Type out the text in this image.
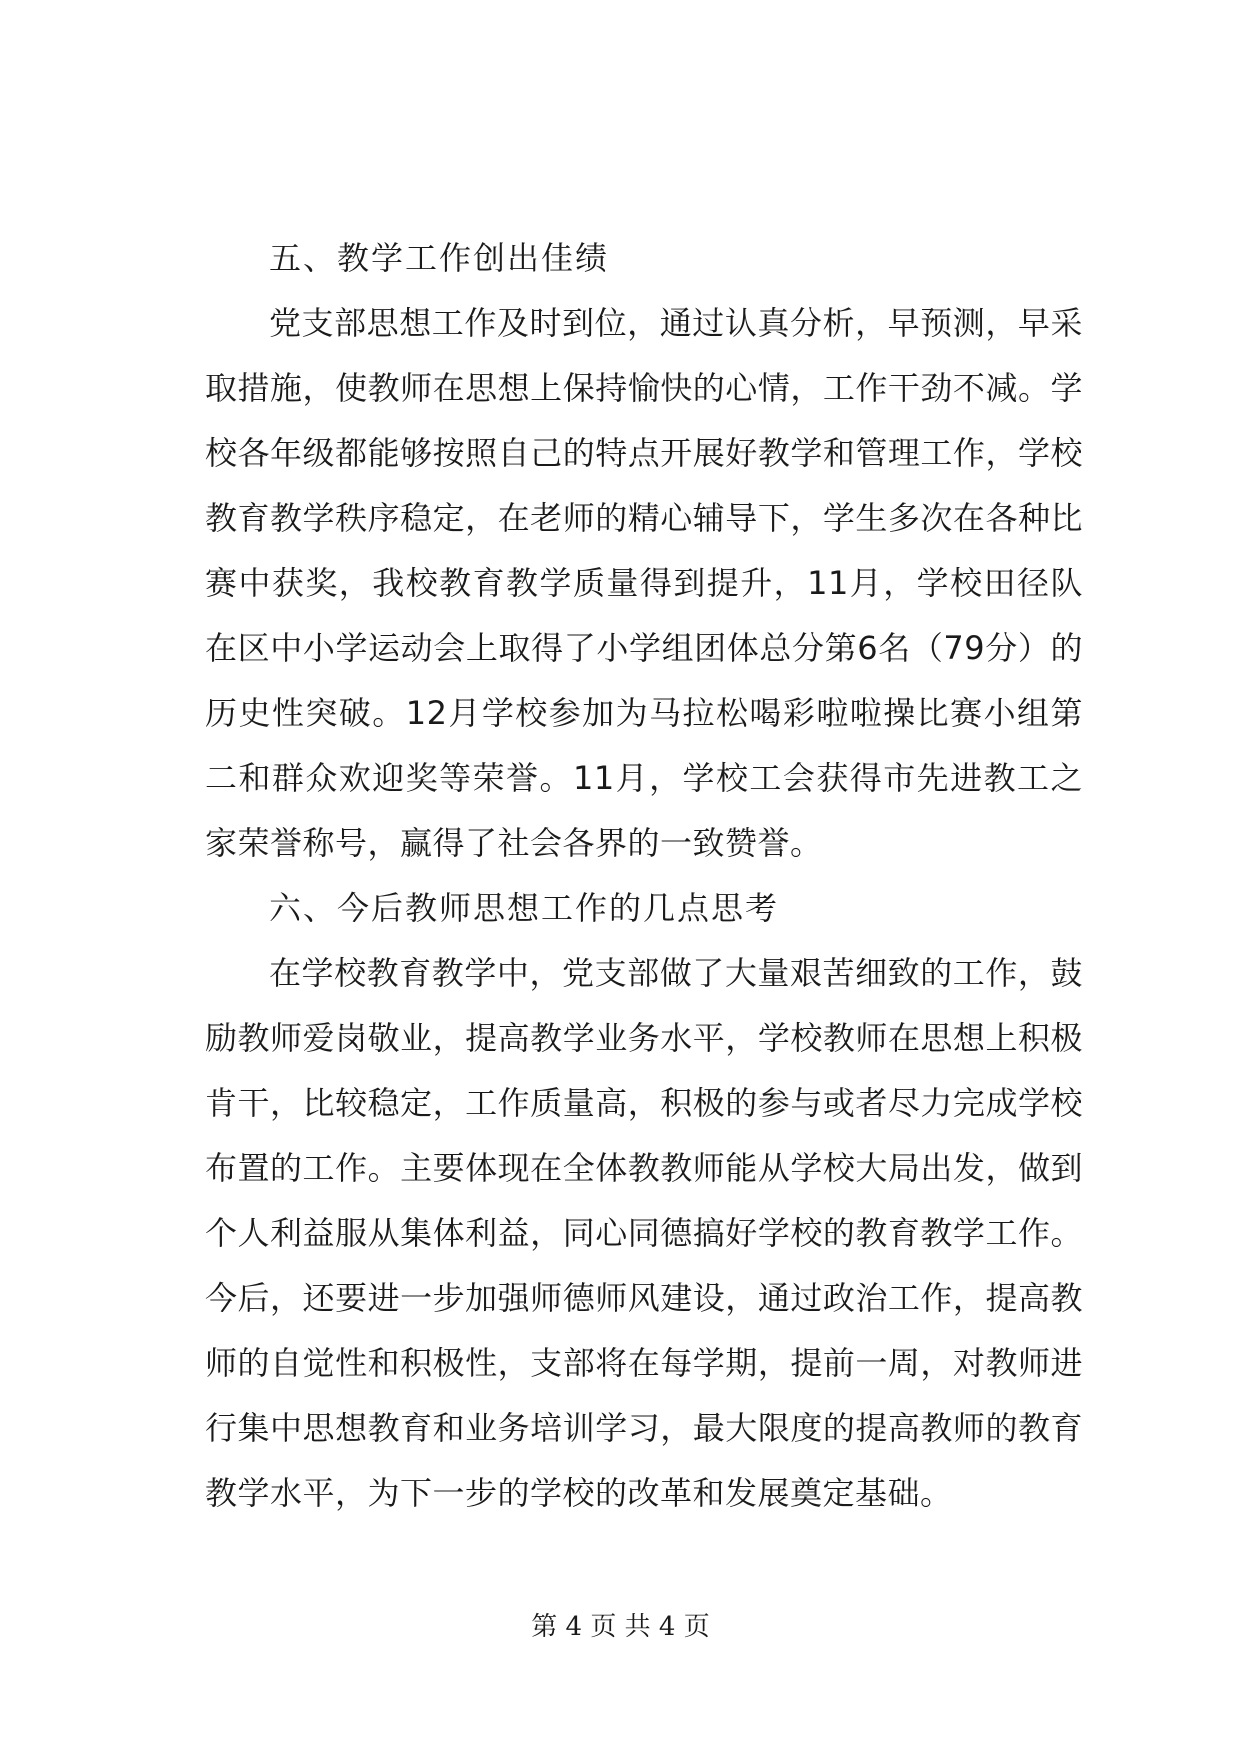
五、教学工作创出佳绩

党支部思想工作及时到位，通过认真分析，早预测，早采取措施，使教师在思想上保持愉快的心情，工作干劲不减。学校各年级都能够按照自己的特点开展好教学和管理工作，学校教育教学秩序稳定，在老师的精心辅导下，学生多次在各种比赛中获奖，我校教育教学质量得到提升，11月，学校田径队在区中小学运动会上取得了小学组团体总分第6名（79分）的历史性突破。12月学校参加为马拉松喝彩啦啦操比赛小组第二和群众欢迎奖等荣誉。11月，学校工会获得市先进教工之家荣誉称号，赢得了社会各界的一致赞誉。

六、今后教师思想工作的几点思考

在学校教育教学中，党支部做了大量艰苦细致的工作，鼓励教师爱岗敬业，提高教学业务水平，学校教师在思想上积极肯干，比较稳定，工作质量高，积极的参与或者尽力完成学校布置的工作。主要体现在全体教教师能从学校大局出发，做到个人利益服从集体利益，同心同德搞好学校的教育教学工作。今后，还要进一步加强师德师风建设，通过政治工作，提高教师的自觉性和积极性，支部将在每学期，提前一周，对教师进行集中思想教育和业务培训学习，最大限度的提高教师的教育教学水平，为下一步的学校的改革和发展奠定基础。

第 4 页 共 4 页
